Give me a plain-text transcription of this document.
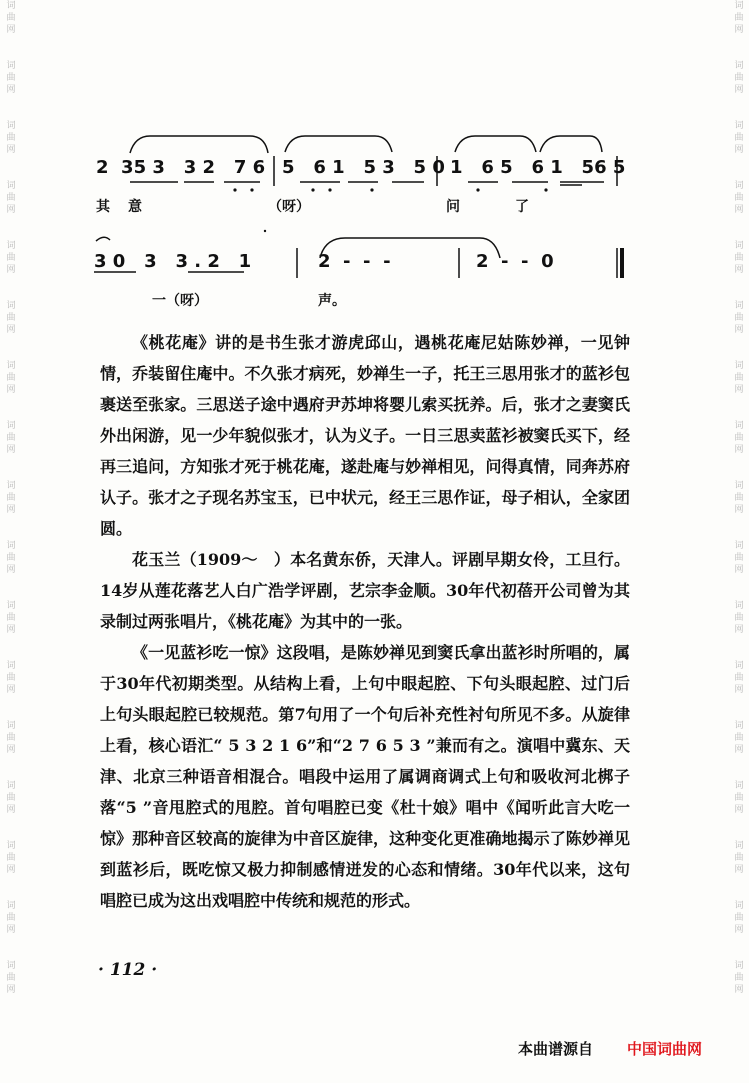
词
曲
网
词
曲
网
词
曲
网
词
曲
网
词
曲
网
词
曲
网
词
曲
网
词
曲
网
词
曲
网
词
曲
网
词
曲
网
词
曲
网
词
曲
网
词
曲
网
词
曲
网
词
曲
网
词
曲
网
词
曲
网
词
曲
网
词
曲
网
词
曲
网
词
曲
网
词
曲
网
词
曲
网
词
曲
网
词
曲
网
词
曲
网
词
曲
网
词
曲
网
词
曲
网
词
曲
网
词
曲
网
词
曲
网
词
曲
网
2  35 3   3 2   7 6 5   6 1   5 3   5 0 1   6 5   6 1   56 5
其 意	（呀）	问	了
3 0   3   3 . 2   1	2  -  -  -	2  -  -  0
一（呀）	声。

《桃花庵》讲的是书生张才游虎邱山，遇桃花庵尼姑陈妙禅，一见钟情，乔装留住庵中。不久张才病死，妙禅生一子，托王三思用张才的蓝衫包裹送至张家。三思送子途中遇府尹苏坤将婴儿索买抚养。后，张才之妻窦氏外出闲游，见一少年貌似张才，认为义子。一日三思卖蓝衫被窦氏买下，经再三追问，方知张才死于桃花庵，遂赴庵与妙禅相见，问得真情，同奔苏府认子。张才之子现名苏宝玉，已中状元，经王三思作证，母子相认，全家团圆。

花玉兰（1909～　）本名黄东侨，天津人。评剧早期女伶，工旦行。14岁从莲花落艺人白广浩学评剧，艺宗李金顺。30年代初蓓开公司曾为其录制过两张唱片，《桃花庵》为其中的一张。

《一见蓝衫吃一惊》这段唱，是陈妙禅见到窦氏拿出蓝衫时所唱的，属于30年代初期类型。从结构上看，上句中眼起腔、下句头眼起腔、过门后上句头眼起腔已较规范。第7句用了一个句后补充性衬句所见不多。从旋律上看，核心语汇“ 5 3 2 1 6”和“2 7 6 5 3 ”兼而有之。演唱中冀东、天津、北京三种语音相混合。唱段中运用了属调商调式上句和吸收河北梆子落“5 ”音甩腔式的甩腔。首句唱腔已变《杜十娘》唱中《闻听此言大吃一惊》那种音区较高的旋律为中音区旋律，这种变化更准确地揭示了陈妙禅见到蓝衫后，既吃惊又极力抑制感情迸发的心态和情绪。30年代以来，这句唱腔已成为这出戏唱腔中传统和规范的形式。

· 112 ·
本曲谱源自 中国词曲网
